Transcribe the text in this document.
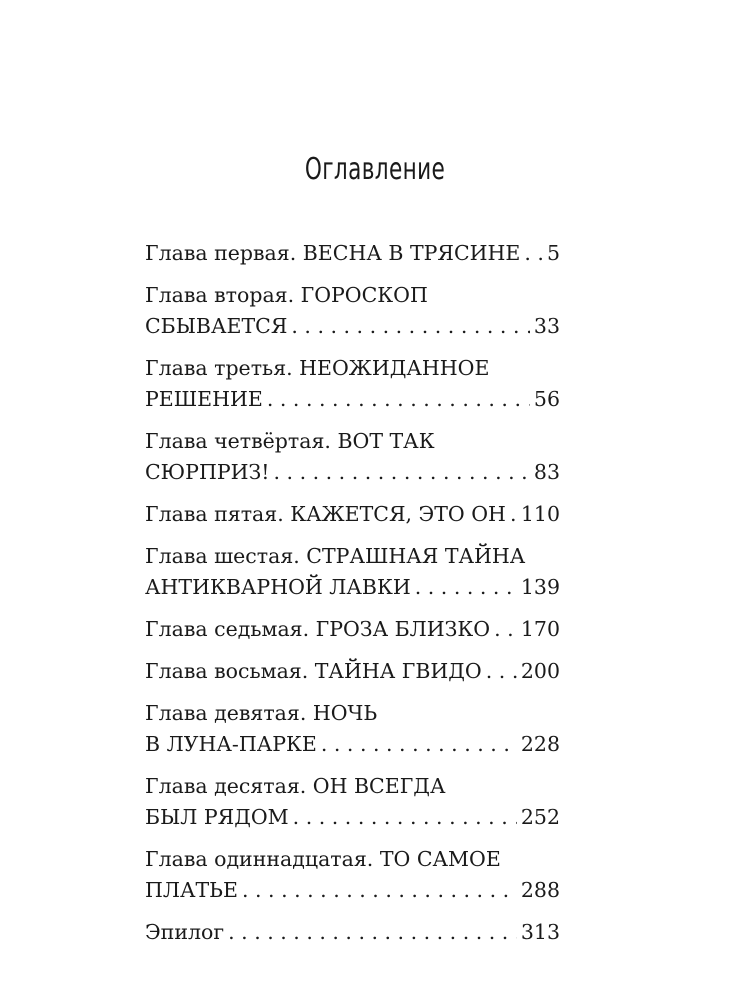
Оглавление
Глава первая. ВЕСНА В ТРЯСИНЕ . . . 5
Глава вторая. ГОРОСКОП
СБЫВАЕТСЯ . . .	33
Глава третья. НЕОЖИДАННОЕ
РЕШЕНИЕ . . .	56
Глава четвёртая. ВОТ ТАК
СЮРПРИЗ! . . .	83
Глава пятая. КАЖЕТСЯ, ЭТО ОН . . . 110
Глава шестая. СТРАШНАЯ ТАЙНА
АНТИКВАРНОЙ ЛАВКИ . . .	139
Глава седьмая. ГРОЗА БЛИЗКО . . . 170
Глава восьмая. ТАЙНА ГВИДО . . . 200
Глава девятая. НОЧЬ
В ЛУНА-ПАРКЕ . . .	228
Глава десятая. ОН ВСЕГДА
БЫЛ РЯДОМ . . .	252
Глава одиннадцатая. ТО САМОЕ
ПЛАТЬЕ . . .	288
Эпилог . . .	313
